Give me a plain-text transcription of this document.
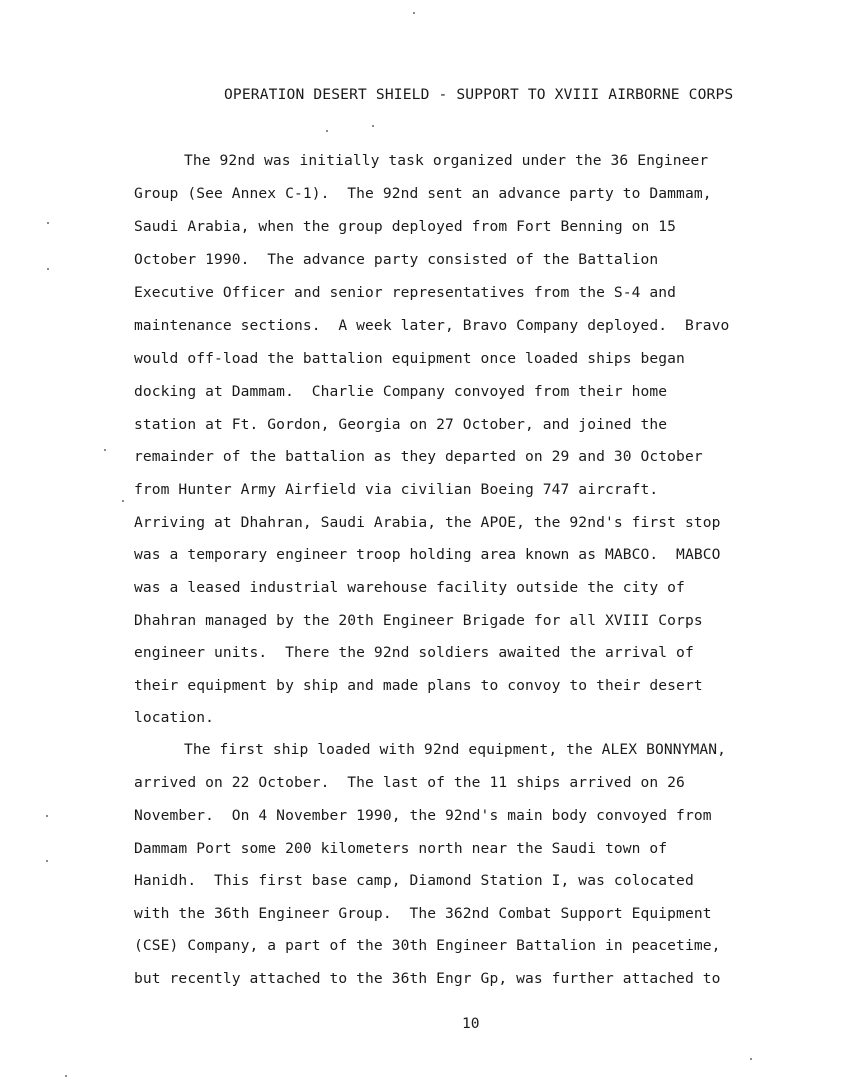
OPERATION DESERT SHIELD - SUPPORT TO XVIII AIRBORNE CORPS
The 92nd was initially task organized under the 36 Engineer
Group (See Annex C-1).  The 92nd sent an advance party to Dammam,
Saudi Arabia, when the group deployed from Fort Benning on 15
October 1990.  The advance party consisted of the Battalion
Executive Officer and senior representatives from the S-4 and
maintenance sections.  A week later, Bravo Company deployed.  Bravo
would off-load the battalion equipment once loaded ships began
docking at Dammam.  Charlie Company convoyed from their home
station at Ft. Gordon, Georgia on 27 October, and joined the
remainder of the battalion as they departed on 29 and 30 October
from Hunter Army Airfield via civilian Boeing 747 aircraft.
Arriving at Dhahran, Saudi Arabia, the APOE, the 92nd's first stop
was a temporary engineer troop holding area known as MABCO.  MABCO
was a leased industrial warehouse facility outside the city of
Dhahran managed by the 20th Engineer Brigade for all XVIII Corps
engineer units.  There the 92nd soldiers awaited the arrival of
their equipment by ship and made plans to convoy to their desert
location.
The first ship loaded with 92nd equipment, the ALEX BONNYMAN,
arrived on 22 October.  The last of the 11 ships arrived on 26
November.  On 4 November 1990, the 92nd's main body convoyed from
Dammam Port some 200 kilometers north near the Saudi town of
Hanidh.  This first base camp, Diamond Station I, was colocated
with the 36th Engineer Group.  The 362nd Combat Support Equipment
(CSE) Company, a part of the 30th Engineer Battalion in peacetime,
but recently attached to the 36th Engr Gp, was further attached to
10
